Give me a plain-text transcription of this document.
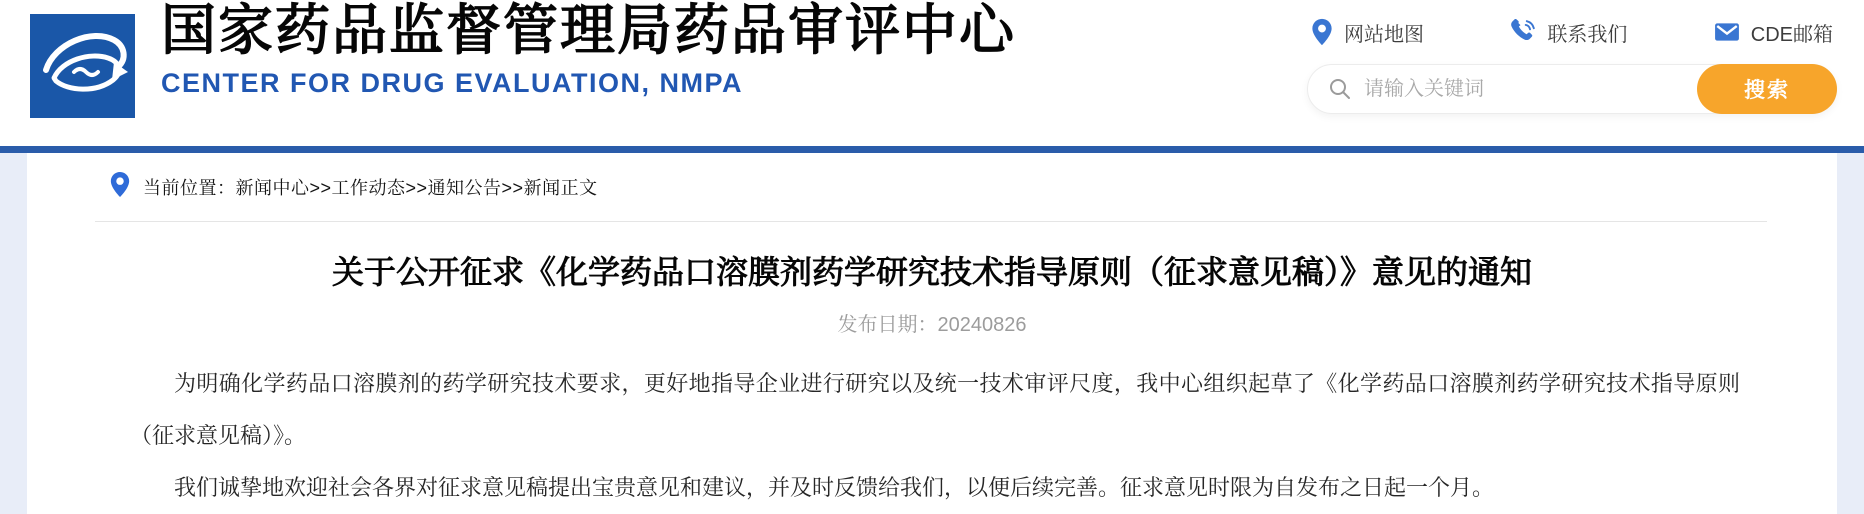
国家药品监督管理局药品审评中心
CENTER FOR DRUG EVALUATION, NMPA
网站地图	联系我们	CDE邮箱
请输入关键词
搜索
当前位置：新闻中心>>工作动态>>通知公告>>新闻正文
关于公开征求《化学药品口溶膜剂药学研究技术指导原则（征求意见稿）》意见的通知
发布日期：20240826

为明确化学药品口溶膜剂的药学研究技术要求，更好地指导企业进行研究以及统一技术审评尺度，我中心组织起草了《化学药品口溶膜剂药学研究技术指导原则（征求意见稿）》。

我们诚挚地欢迎社会各界对征求意见稿提出宝贵意见和建议，并及时反馈给我们，以便后续完善。征求意见时限为自发布之日起一个月。
